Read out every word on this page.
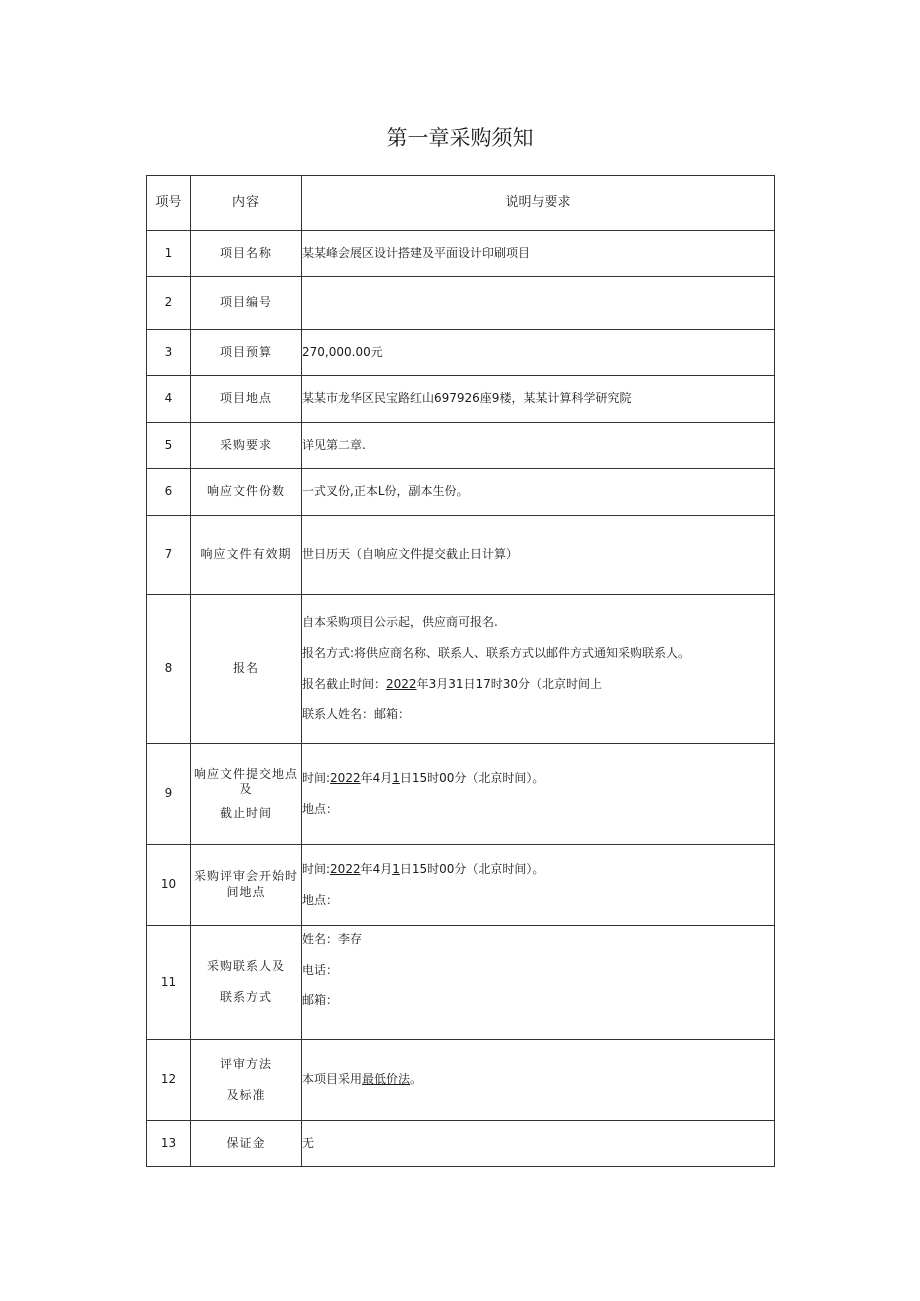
第一章采购须知
项号	内容	说明与要求
1	项目名称	某某峰会展区设计搭建及平面设计印刷项目
2	项目编号	
3	项目预算	270,000.00元
4	项目地点	某某市龙华区民宝路红山697926座9楼，某某计算科学研究院
5	采购要求	详见第二章.
6	响应文件份数	一式叉份,正本L份，副本生份。
7	响应文件有效期	世日历天（自响应文件提交截止日计算）
8	报名	自本采购项目公示起，供应商可报名.
报名方式:将供应商名称、联系人、联系方式以邮件方式通知采购联系人。
报名截止时间：2022年3月31日17时30分（北京时间上
联系人姓名：邮箱：

9	响应文件提交地点
及
截止时间	时间:2022年4月1日15时00分（北京时间）。
地点：

10	采购评审会开始时
间地点	时间:2022年4月1日15时00分（北京时间）。
地点：

11	采购联系人及
联系方式	姓名：李存
电话：
邮箱：

12	评审方法
及标准	本项目采用最低价法。
13	保证金	无
